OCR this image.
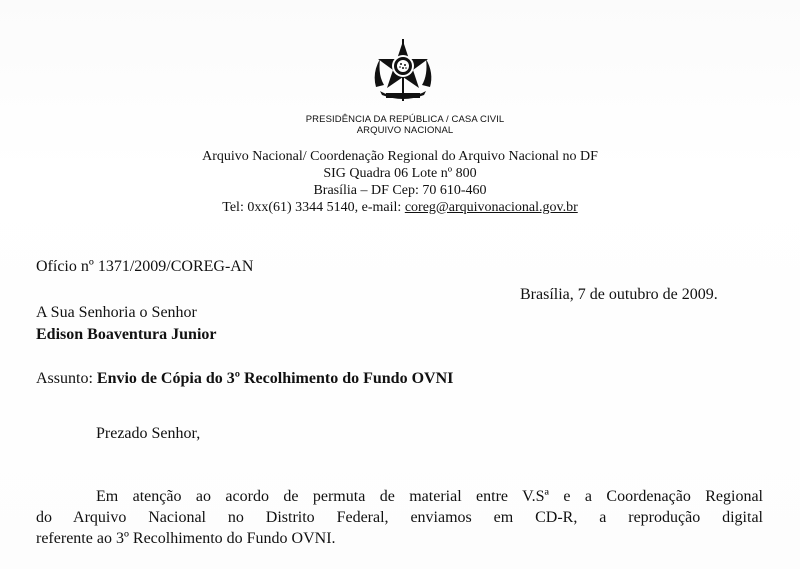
PRESIDÊNCIA DA REPÚBLICA / CASA CIVIL
ARQUIVO NACIONAL
Arquivo Nacional/ Coordenação Regional do Arquivo Nacional no DF
SIG Quadra 06 Lote nº 800
Brasília – DF Cep: 70 610-460
Tel: 0xx(61) 3344 5140, e-mail: coreg@arquivonacional.gov.br
Ofício nº 1371/2009/COREG-AN
Brasília, 7 de outubro de 2009.
A Sua Senhoria o Senhor
Edison Boaventura Junior
Assunto: Envio de Cópia do 3º Recolhimento do Fundo OVNI
Prezado Senhor,
Em atenção ao acordo de permuta de material entre V.Sª e a Coordenação Regional
do Arquivo Nacional no Distrito Federal, enviamos em CD-R, a reprodução digital
referente ao 3º Recolhimento do Fundo OVNI.
